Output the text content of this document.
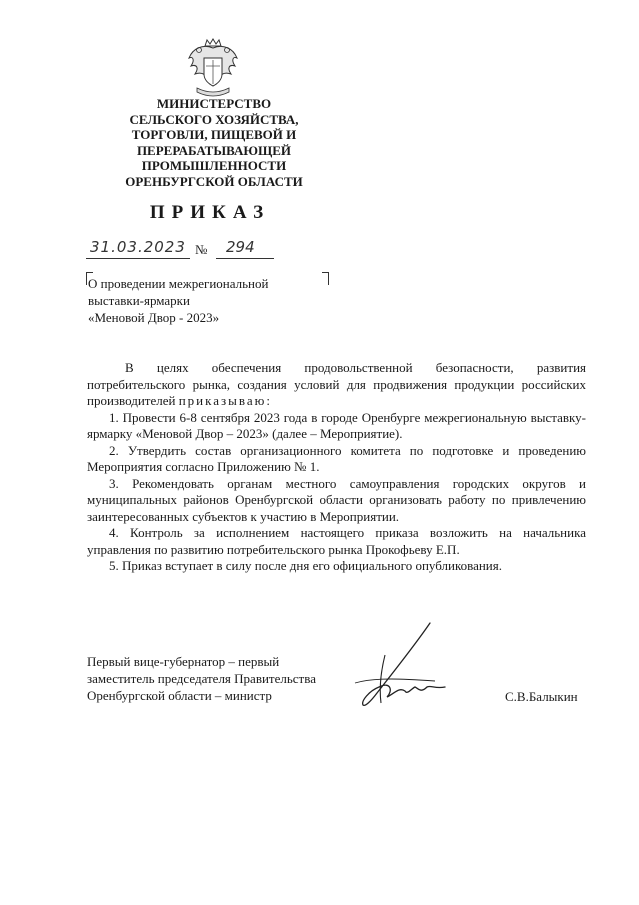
МИНИСТЕРСТВО
СЕЛЬСКОГО ХОЗЯЙСТВА,
ТОРГОВЛИ, ПИЩЕВОЙ И
ПЕРЕРАБАТЫВАЮЩЕЙ
ПРОМЫШЛЕННОСТИ
ОРЕНБУРГСКОЙ ОБЛАСТИ
ПРИКАЗ
31.03.2023 № 294
О проведении межрегиональной
выставки-ярмарки
«Меновой Двор - 2023»

В целях обеспечения продовольственной безопасности, развития потребительского рынка, создания условий для продвижения продукции российских производителей приказываю:

1. Провести 6-8 сентября 2023 года в городе Оренбурге межрегиональную выставку-ярмарку «Меновой Двор – 2023» (далее – Мероприятие).

2. Утвердить состав организационного комитета по подготовке и проведению Мероприятия согласно Приложению № 1.

3. Рекомендовать органам местного самоуправления городских округов и муниципальных районов Оренбургской области организовать работу по привлечению заинтересованных субъектов к участию в Мероприятии.

4. Контроль за исполнением настоящего приказа возложить на начальника управления по развитию потребительского рынка Прокофьеву Е.П.

5. Приказ вступает в силу после дня его официального опубликования.

Первый вице-губернатор – первый
заместитель председателя Правительства
Оренбургской области – министр	С.В.Балыкин
